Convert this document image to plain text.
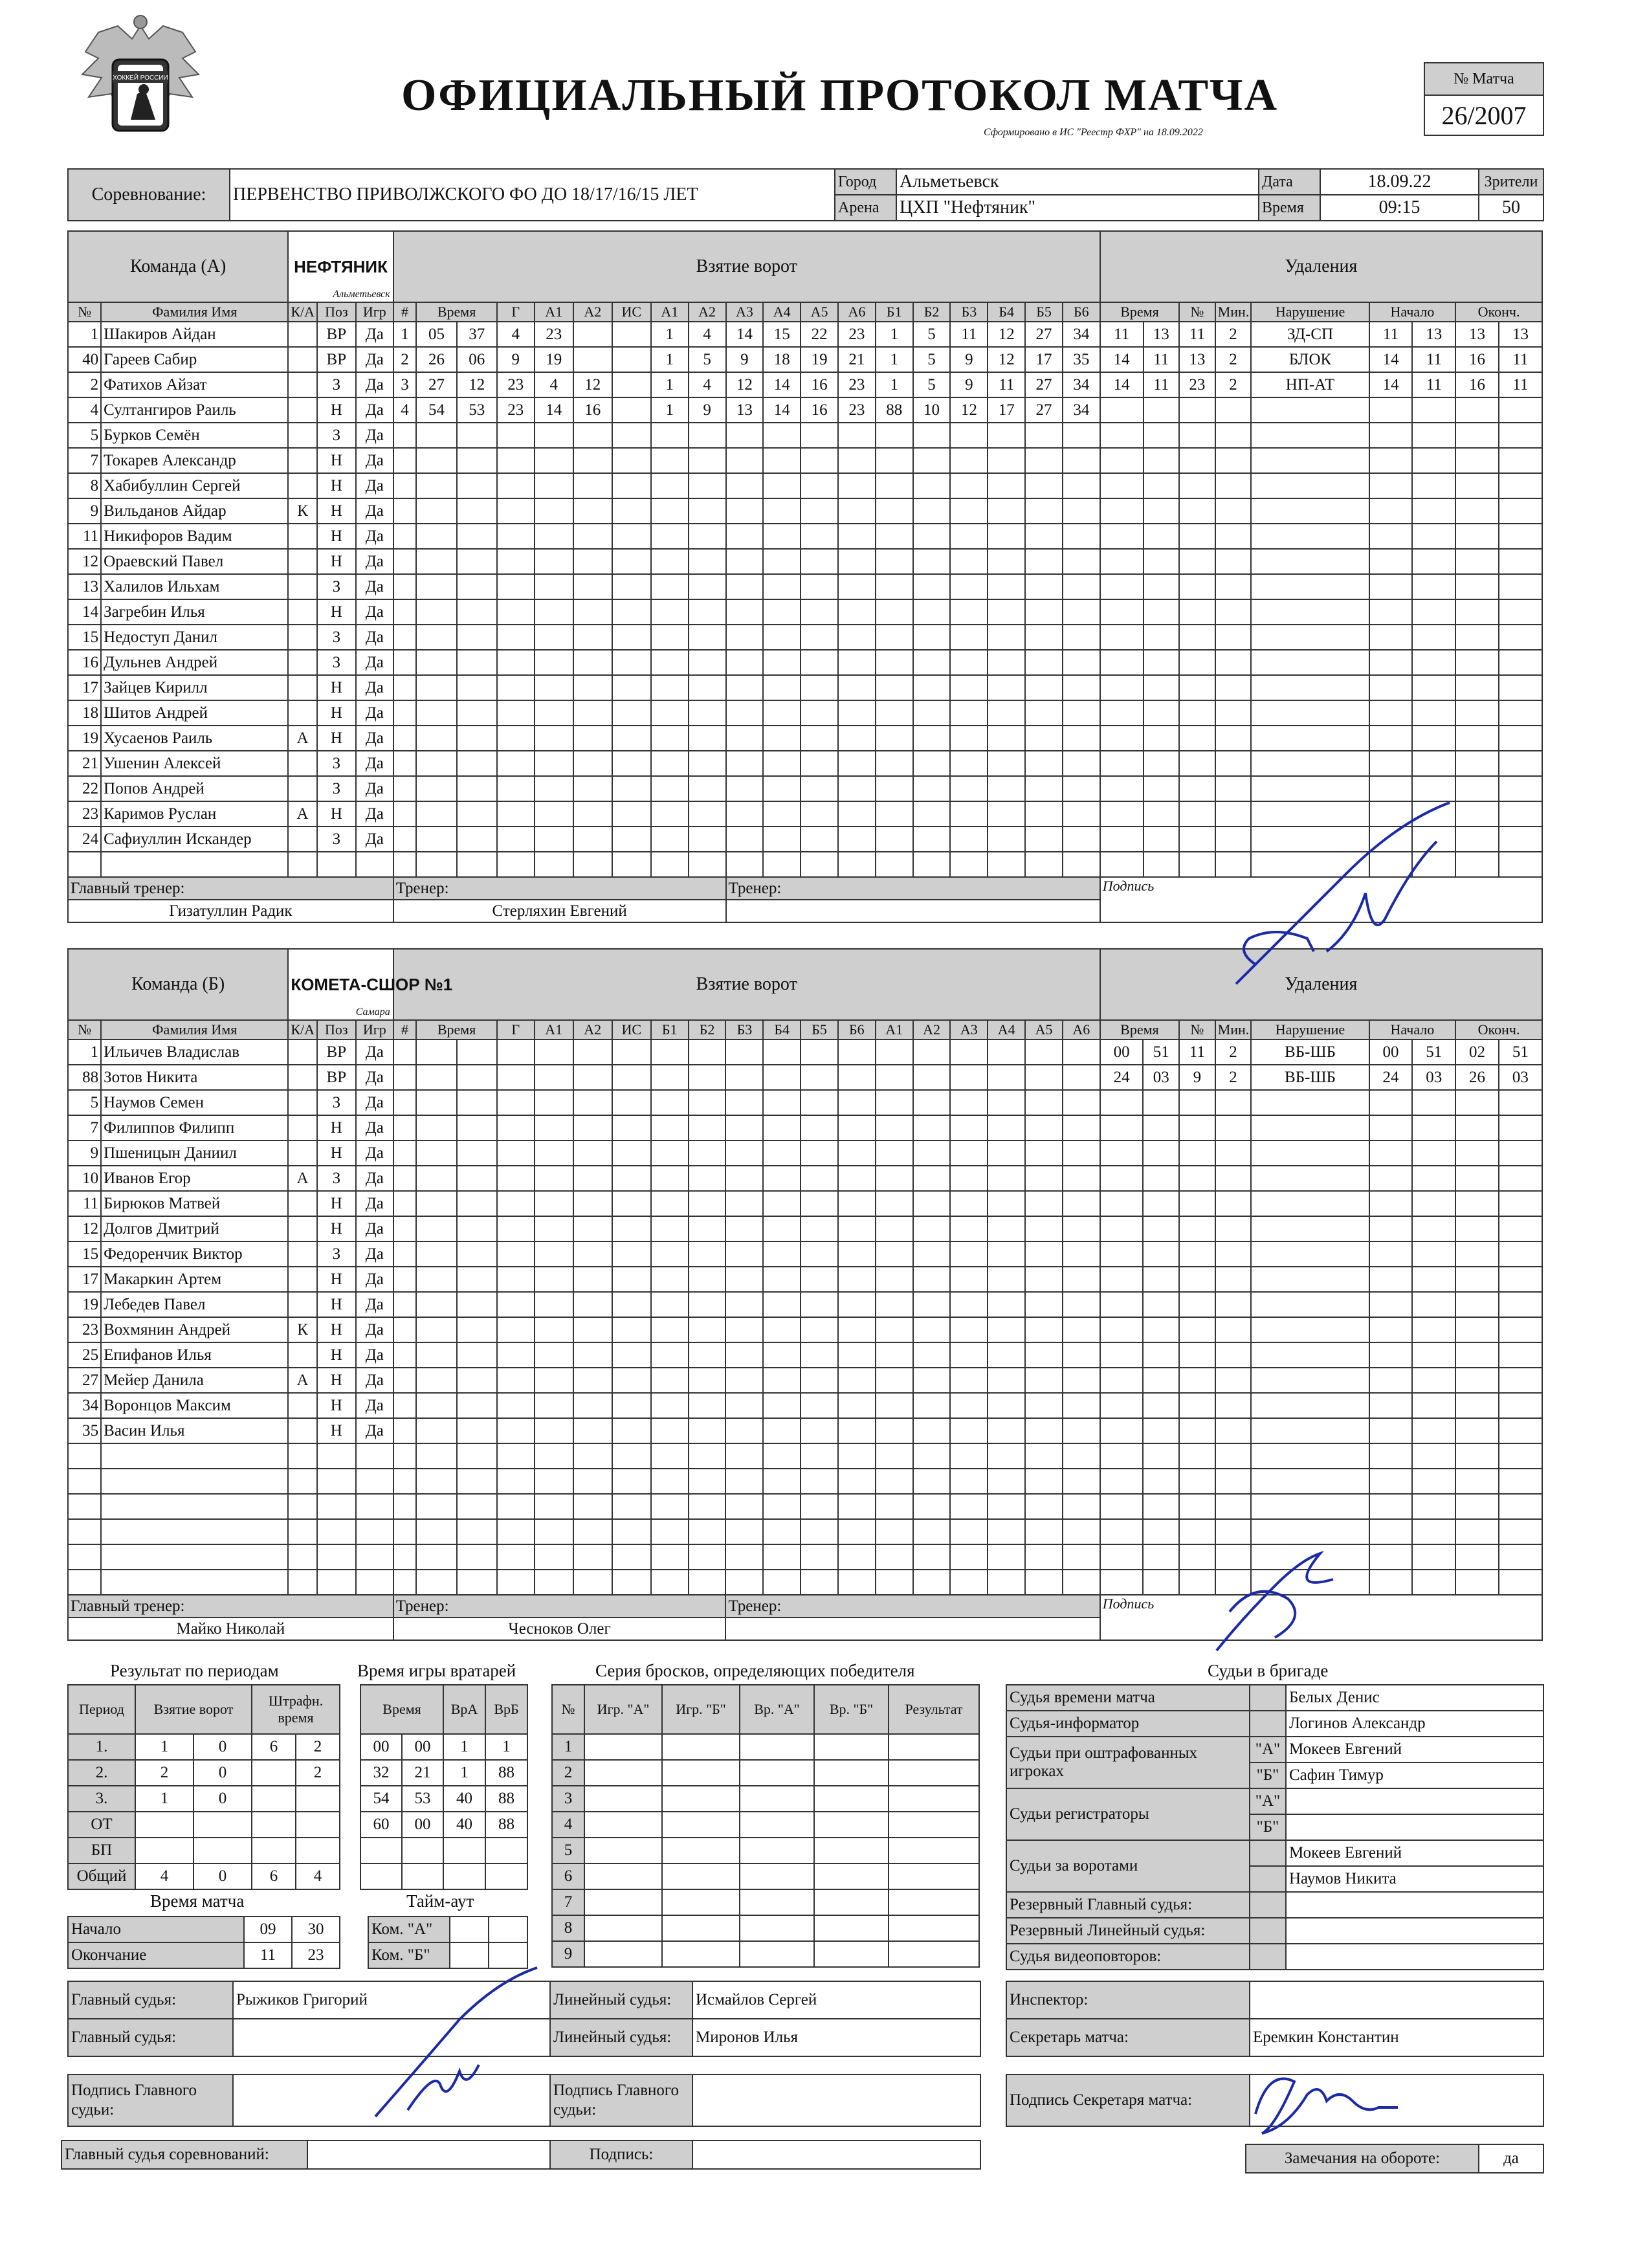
ХОККЕЙ РОССИИ	ОФИЦИАЛЬНЫЙ ПРОТОКОЛ МАТЧА
Сформировано в ИС "Реестр ФХР" на 18.09.2022
№ Матча
26/2007
Соревнование:	ПЕРВЕНСТВО ПРИВОЛЖСКОГО ФО ДО 18/17/16/15 ЛЕТ	Город	Альметьевск	Дата	18.09.22	Зрители
		Арена	ЦХП "Нефтяник"	Время	09:15	50
Команда (А)		НЕФТЯНИК
Альметьевск			Взятие ворот																			Удаления								
№	Фамилия Имя	К/А	Поз	Игр	#	Время		Г	А1	А2	ИС	А1	А2	А3	А4	А5	А6	Б1	Б2	Б3	Б4	Б5	Б6	Время		№	Мин.	Нарушение	Начало		Оконч.	
1	Шакиров Айдан		ВР	Да	1	05	37	4	23			1	4	14	15	22	23	1	5	11	12	27	34	11	13	11	2	ЗД-СП	11	13	13	13
40	Гареев Сабир		ВР	Да	2	26	06	9	19			1	5	9	18	19	21	1	5	9	12	17	35	14	11	13	2	БЛОК	14	11	16	11
2	Фатихов Айзат		З	Да	3	27	12	23	4	12		1	4	12	14	16	23	1	5	9	11	27	34	14	11	23	2	НП-АТ	14	11	16	11
4	Султангиров Раиль		Н	Да	4	54	53	23	14	16		1	9	13	14	16	23	88	10	12	17	27	34									
5	Бурков Семён		З	Да																												
7	Токарев Александр		Н	Да																												
8	Хабибуллин Сергей		Н	Да																												
9	Вильданов Айдар	К	Н	Да																												
11	Никифоров Вадим		Н	Да																												
12	Ораевский Павел		Н	Да																												
13	Халилов Ильхам		З	Да																												
14	Загребин Илья		Н	Да																												
15	Недоступ Данил		З	Да																												
16	Дульнев Андрей		З	Да																												
17	Зайцев Кирилл		Н	Да																												
18	Шитов Андрей		Н	Да																												
19	Хусаенов Раиль	А	Н	Да																												
21	Ушенин Алексей		З	Да																												
22	Попов Андрей		З	Да																												
23	Каримов Руслан	А	Н	Да																												
24	Сафиуллин Искандер		З	Да																												

Главный тренер:					Тренер:									Тренер:										Подпись								
Гизатуллин Радик					Стерляхин Евгений																											
Команда (Б)		КОМЕТА-СШОР №1
Самара			Взятие ворот																			Удаления								
№	Фамилия Имя	К/А	Поз	Игр	#	Время		Г	А1	А2	ИС	Б1	Б2	Б3	Б4	Б5	Б6	А1	А2	А3	А4	А5	А6	Время		№	Мин.	Нарушение	Начало		Оконч.	
1	Ильичев Владислав		ВР	Да																				00	51	11	2	ВБ-ШБ	00	51	02	51
88	Зотов Никита		ВР	Да																				24	03	9	2	ВБ-ШБ	24	03	26	03
5	Наумов Семен		З	Да																												
7	Филиппов Филипп		Н	Да																												
9	Пшеницын Даниил		Н	Да																												
10	Иванов Егор	А	З	Да																												
11	Бирюков Матвей		Н	Да																												
12	Долгов Дмитрий		Н	Да																												
15	Федоренчик Виктор		З	Да																												
17	Макаркин Артем		Н	Да																												
19	Лебедев Павел		Н	Да																												
23	Вохмянин Андрей	К	Н	Да																												
25	Епифанов Илья		Н	Да																												
27	Мейер Данила	А	Н	Да																												
34	Воронцов Максим		Н	Да																												
35	Васин Илья		Н	Да																												

Главный тренер:					Тренер:									Тренер:										Подпись								
Майко Николай					Чесноков Олег																											
Результат по периодам
Период	Взятие ворот		Штрафн. время	
1.	1	0	6	2
2.	2	0		2
3.	1	0		
ОТ				
БП				
Общий	4	0	6	4
Время игры вратарей
Время		ВрА	ВрБ
00	00	1	1
32	21	1	88
54	53	40	88
60	00	40	88

Время матча
Начало	09	30
Окончание	11	23
Тайм-аут
Ком. "А"		
Ком. "Б"		
Серия бросков, определяющих победителя
№	Игр. "А"	Игр. "Б"	Вр. "А"	Вр. "Б"	Результат
1					
2					
3					
4					
5					
6					
7					
8					
9					
Судьи в бригаде
Судья времени матча		Белых Денис
Судья-информатор		Логинов Александр
Судьи при оштрафованных игроках	"А"	Мокеев Евгений
	"Б"	Сафин Тимур
Судьи регистраторы	"А"	
	"Б"	
Судьи за воротами		Мокеев Евгений
		Наумов Никита
Резервный Главный судья:		
Резервный Линейный судья:		
Судья видеоповторов:		
Главный судья:	Рыжиков Григорий	Линейный судья:	Исмайлов Сергей
Главный судья:		Линейный судья:	Миронов Илья
Инспектор:	
Секретарь матча:	Еремкин Константин
Подпись Главного судьи:		Подпись Главного судьи:	
Подпись Секретаря матча:	
Главный судья соревнований:		Подпись:		Замечания на обороте:	да
